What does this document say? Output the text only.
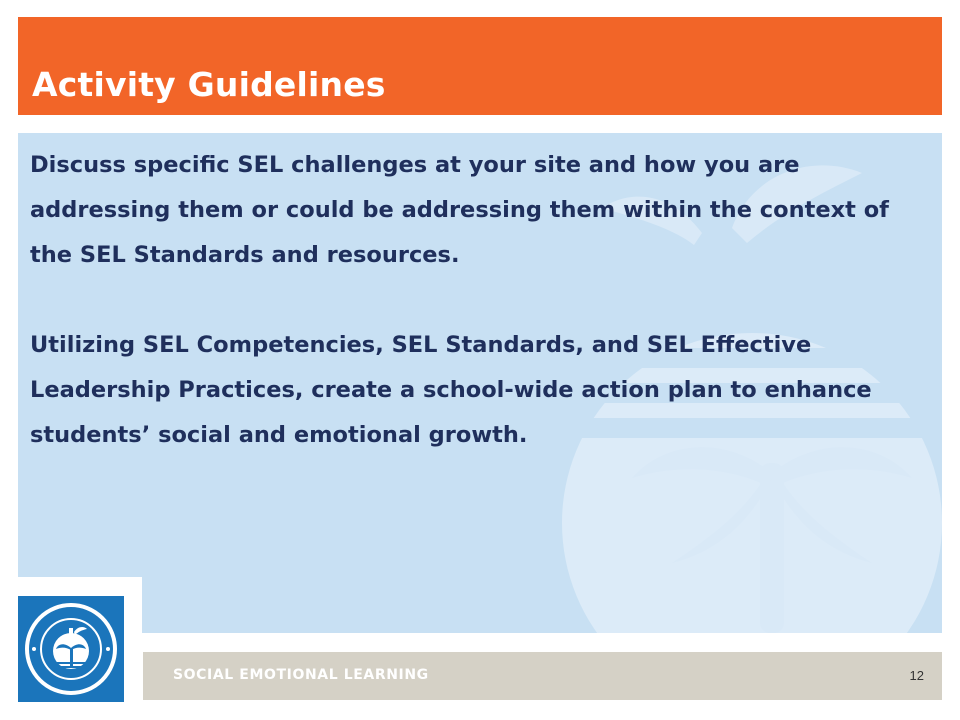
Activity Guidelines

Discuss specific SEL challenges at your site and how you are addressing them or could be addressing them within the context of the SEL Standards and resources.

Utilizing SEL Competencies, SEL Standards, and SEL Effective Leadership Practices, create a school-wide action plan to enhance students’ social and emotional growth.

SOCIAL EMOTIONAL LEARNING	12
